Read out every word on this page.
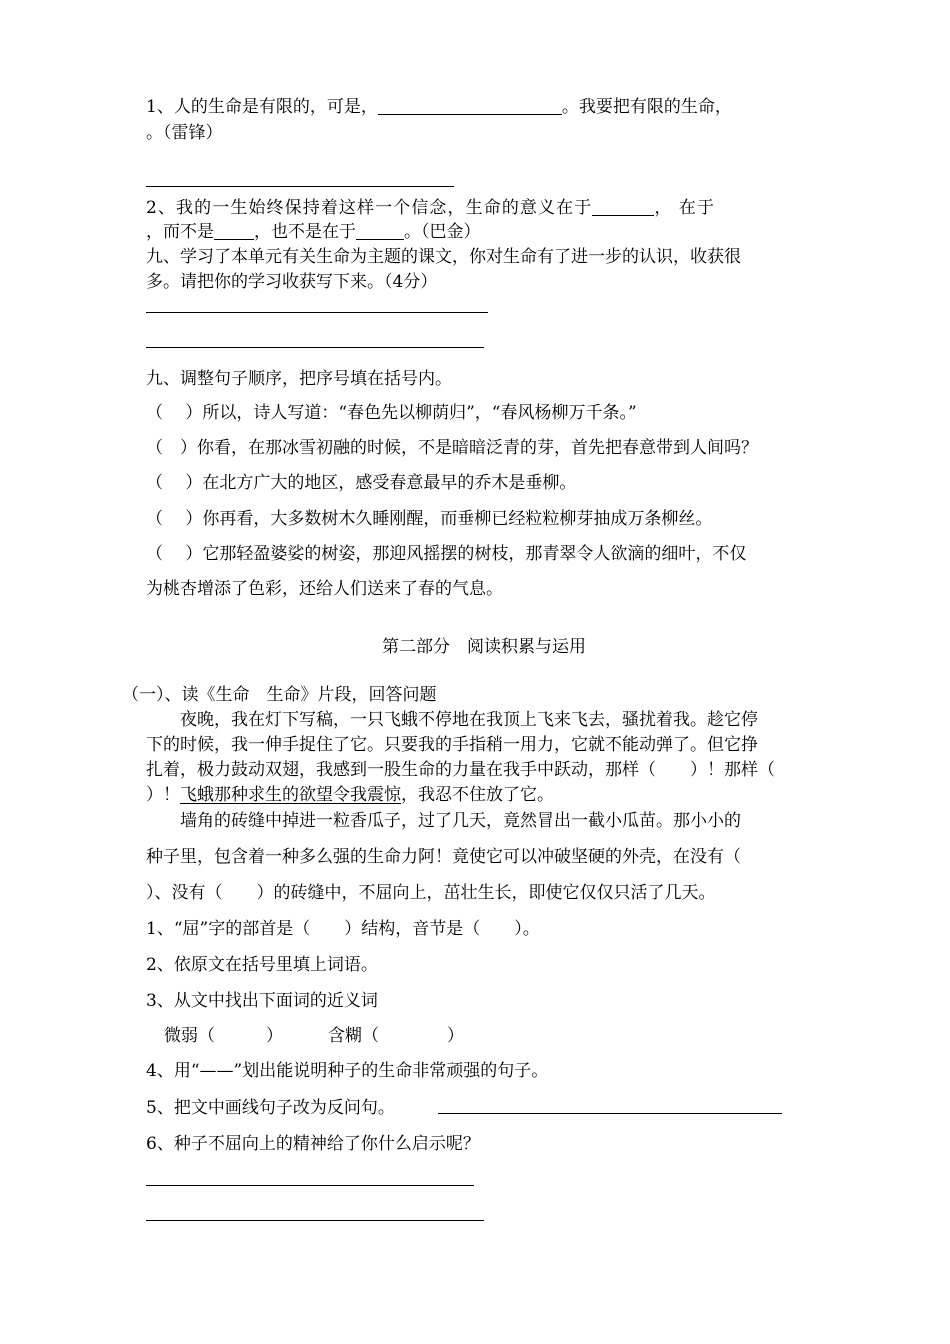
1、人的生命是有限的，可是，	。我要把有限的生命，

。（雷锋）

2、我的一生始终保持着这样一个信念，生命的意义在于	， 在于

，而不是 ，也不是在于	。（巴金）

九、学习了本单元有关生命为主题的课文，你对生命有了进一步的认识，收获很

多。请把你的学习收获写下来。（4分）

九、调整句子顺序，把序号填在括号内。

（　 ）所以，诗人写道：“春色先以柳荫归”，“春风杨柳万千条。”

（　）你看，在那冰雪初融的时候，不是暗暗泛青的芽，首先把春意带到人间吗？

（　 ）在北方广大的地区，感受春意最早的乔木是垂柳。

（　 ）你再看，大多数树木久睡刚醒，而垂柳已经粒粒柳芽抽成万条柳丝。

（　 ）它那轻盈婆娑的树姿，那迎风摇摆的树枝，那青翠令人欲滴的细叶，不仅

为桃杏增添了色彩，还给人们送来了春的气息。

第二部分　阅读积累与运用

（一）、读《生命　生命》片段，回答问题

　　夜晚，我在灯下写稿，一只飞蛾不停地在我顶上飞来飞去，骚扰着我。趁它停

下的时候，我一伸手捉住了它。只要我的手指稍一用力，它就不能动弹了。但它挣

扎着，极力鼓动双翅，我感到一股生命的力量在我手中跃动，那样（　　）！那样（

）！飞蛾那种求生的欲望令我震惊，我忍不住放了它。

　　墙角的砖缝中掉进一粒香瓜子，过了几天，竟然冒出一截小瓜苗。那小小的

种子里，包含着一种多么强的生命力阿！竟使它可以冲破坚硬的外壳，在没有（

）、没有（　　）的砖缝中，不屈向上，茁壮生长，即使它仅仅只活了几天。

1、“屈”字的部首是（　　）结构，音节是（　　）。

2、依原文在括号里填上词语。

3、从文中找出下面词的近义词

微弱（　　　）	含糊（　　　　）

4、用“——”划出能说明种子的生命非常顽强的句子。

5、把文中画线句子改为反问句。

6、种子不屈向上的精神给了你什么启示呢？
